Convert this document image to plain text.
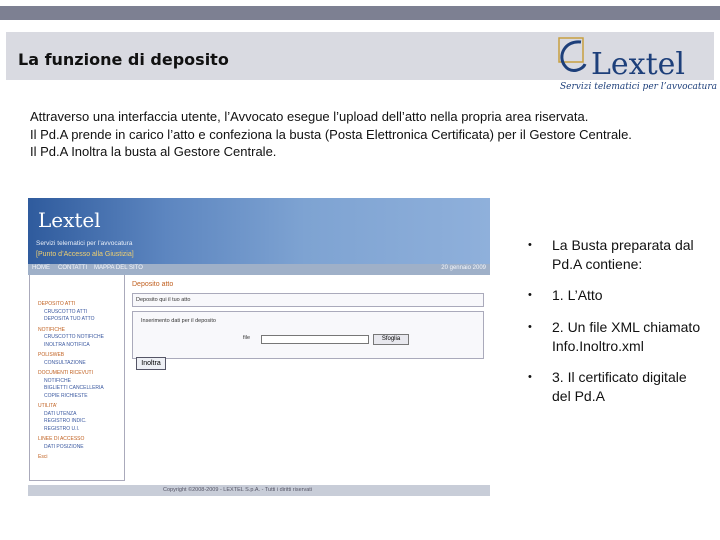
La funzione di deposito	Lextel
Servizi telematici per l’avvocatura

Attraverso una interfaccia utente, l’Avvocato esegue l’upload dell’atto nella propria area riservata.

Il Pd.A prende in carico l’atto e confeziona la busta (Posta Elettronica Certificata) per il Gestore Centrale.

Il Pd.A Inoltra la busta al Gestore Centrale.

Lextel
Servizi telematici per l’avvocatura
[Punto d’Accesso alla Giustizia]
HOME CONTATTI MAPPA DEL SITO	20 gennaio 2009
DEPOSITO ATTI
CRUSCOTTO ATTI
DEPOSITA TUO ATTO
NOTIFICHE
CRUSCOTTO NOTIFICHE
INOLTRA NOTIFICA
POLISWEB
CONSULTAZIONE
DOCUMENTI RICEVUTI
NOTIFICHE
BIGLIETTI CANCELLERIA
COPIE RICHIESTE
UTILITA'
DATI UTENZA
REGISTRO INDIC.
REGISTRO U.I.
LINEE DI ACCESSO
DATI POSIZIONE
Esci
Deposito atto
Deposito qui il tuo atto
Inserimento dati per il deposito
file	Sfoglia
Inoltra
Copyright ©2008-2009 - LEXTEL S.p.A. - Tutti i diritti riservati
• La Busta preparata dal Pd.A contiene:
• 1. L’Atto
• 2. Un file XML chiamato Info.Inoltro.xml
• 3. Il certificato digitale del Pd.A
